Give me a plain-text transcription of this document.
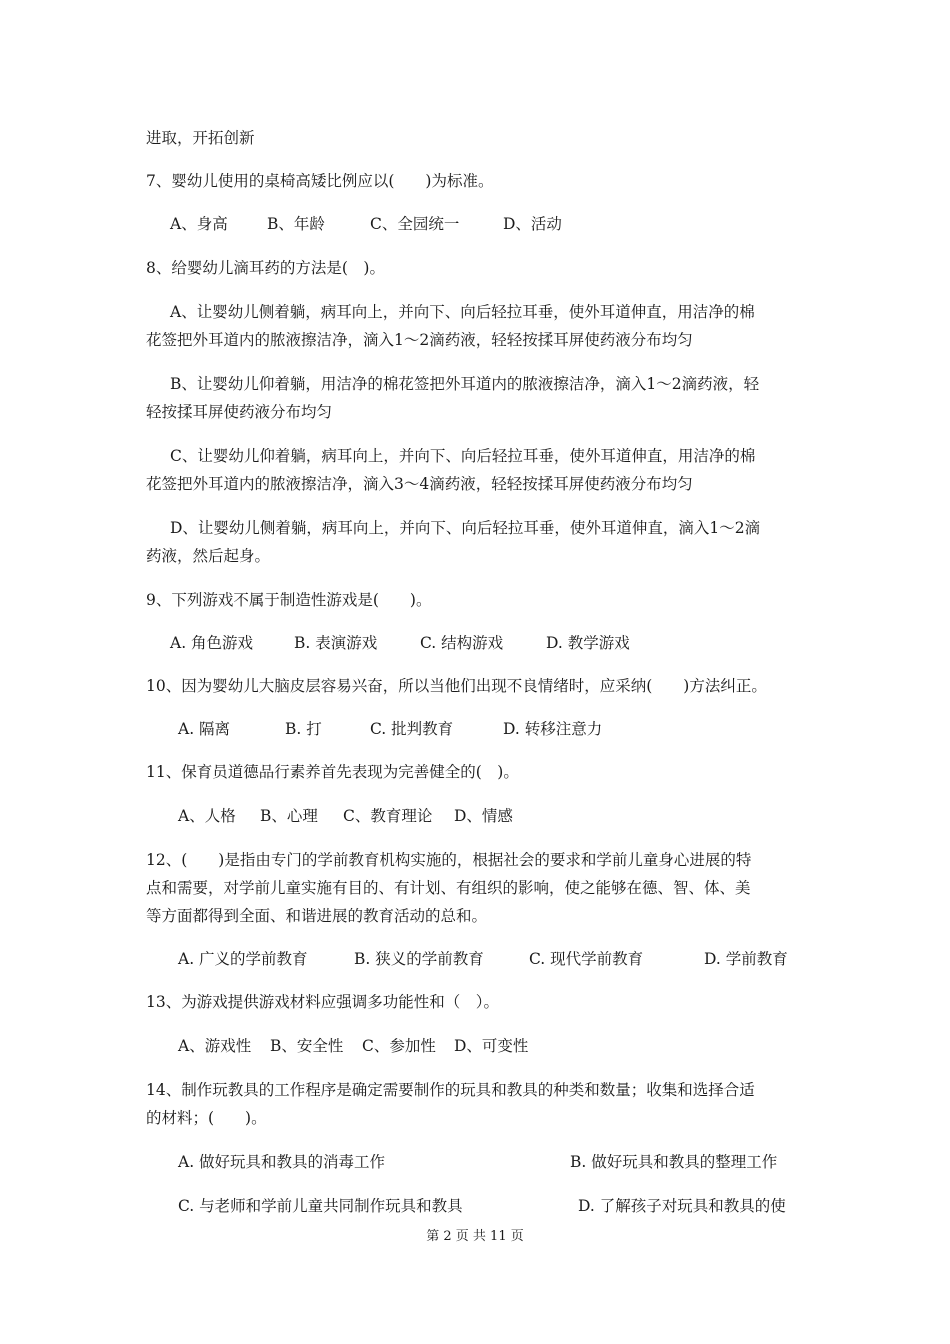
进取，开拓创新
7、婴幼儿使用的桌椅高矮比例应以(　　)为标准。
A、身高	B、年龄	C、全园统一	D、活动
8、给婴幼儿滴耳药的方法是(　)。
A、让婴幼儿侧着躺，病耳向上，并向下、向后轻拉耳垂，使外耳道伸直，用洁净的棉
花签把外耳道内的脓液擦洁净，滴入1～2滴药液，轻轻按揉耳屏使药液分布均匀
B、让婴幼儿仰着躺，用洁净的棉花签把外耳道内的脓液擦洁净，滴入1～2滴药液，轻
轻按揉耳屏使药液分布均匀
C、让婴幼儿仰着躺，病耳向上，并向下、向后轻拉耳垂，使外耳道伸直，用洁净的棉
花签把外耳道内的脓液擦洁净，滴入3～4滴药液，轻轻按揉耳屏使药液分布均匀
D、让婴幼儿侧着躺，病耳向上，并向下、向后轻拉耳垂，使外耳道伸直，滴入1～2滴
药液，然后起身。
9、下列游戏不属于制造性游戏是(　　)。
A. 角色游戏	B. 表演游戏	C. 结构游戏	D. 教学游戏
10、因为婴幼儿大脑皮层容易兴奋，所以当他们出现不良情绪时，应采纳(　　)方法纠正。
A. 隔离	B. 打	C. 批判教育	D. 转移注意力
11、保育员道德品行素养首先表现为完善健全的(　)。
A、人格 B、心理 C、教育理论 D、情感
12、(　　)是指由专门的学前教育机构实施的，根据社会的要求和学前儿童身心进展的特
点和需要，对学前儿童实施有目的、有计划、有组织的影响，使之能够在德、智、体、美
等方面都得到全面、和谐进展的教育活动的总和。
A. 广义的学前教育	B. 狭义的学前教育	C. 现代学前教育	D. 学前教育
13、为游戏提供游戏材料应强调多功能性和（　）。
A、游戏性 B、安全性 C、参加性 D、可变性
14、制作玩教具的工作程序是确定需要制作的玩具和教具的种类和数量；收集和选择合适
的材料；(　　)。
A. 做好玩具和教具的消毒工作	B. 做好玩具和教具的整理工作
C. 与老师和学前儿童共同制作玩具和教具	D. 了解孩子对玩具和教具的使
第 2 页 共 11 页
